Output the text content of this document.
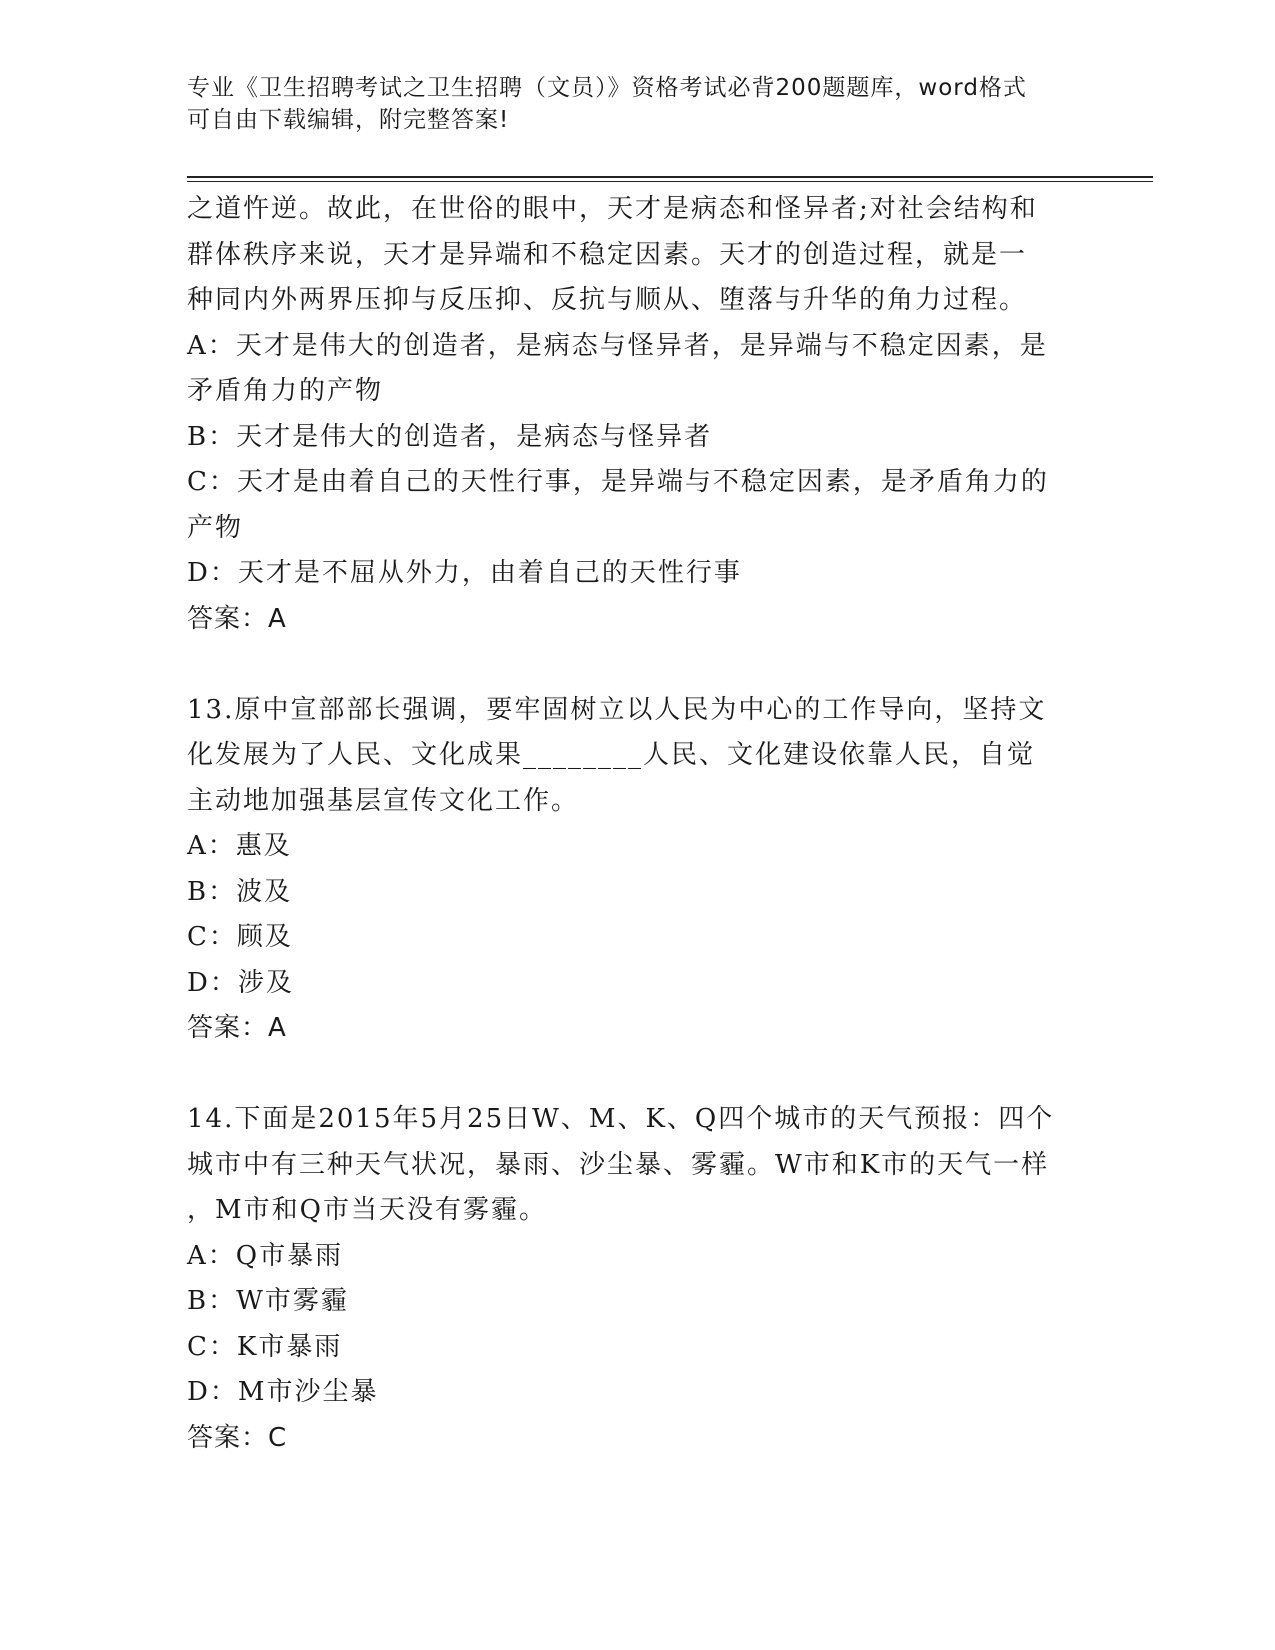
专业《卫生招聘考试之卫生招聘（文员）》资格考试必背200题题库，word格式
可自由下载编辑，附完整答案!
之道忤逆。故此，在世俗的眼中，天才是病态和怪异者;对社会结构和
群体秩序来说，天才是异端和不稳定因素。天才的创造过程，就是一
种同内外两界压抑与反压抑、反抗与顺从、堕落与升华的角力过程。
A：天才是伟大的创造者，是病态与怪异者，是异端与不稳定因素，是
矛盾角力的产物
B：天才是伟大的创造者，是病态与怪异者
C：天才是由着自己的天性行事，是异端与不稳定因素，是矛盾角力的
产物
D：天才是不屈从外力，由着自己的天性行事
答案：A
13.原中宣部部长强调，要牢固树立以人民为中心的工作导向，坚持文
化发展为了人民、文化成果________人民、文化建设依靠人民，自觉
主动地加强基层宣传文化工作。
A：惠及
B：波及
C：顾及
D：涉及
答案：A
14.下面是2015年5月25日W、M、K、Q四个城市的天气预报：四个
城市中有三种天气状况，暴雨、沙尘暴、雾霾。W市和K市的天气一样
，M市和Q市当天没有雾霾。
A：Q市暴雨
B：W市雾霾
C：K市暴雨
D：M市沙尘暴
答案：C
